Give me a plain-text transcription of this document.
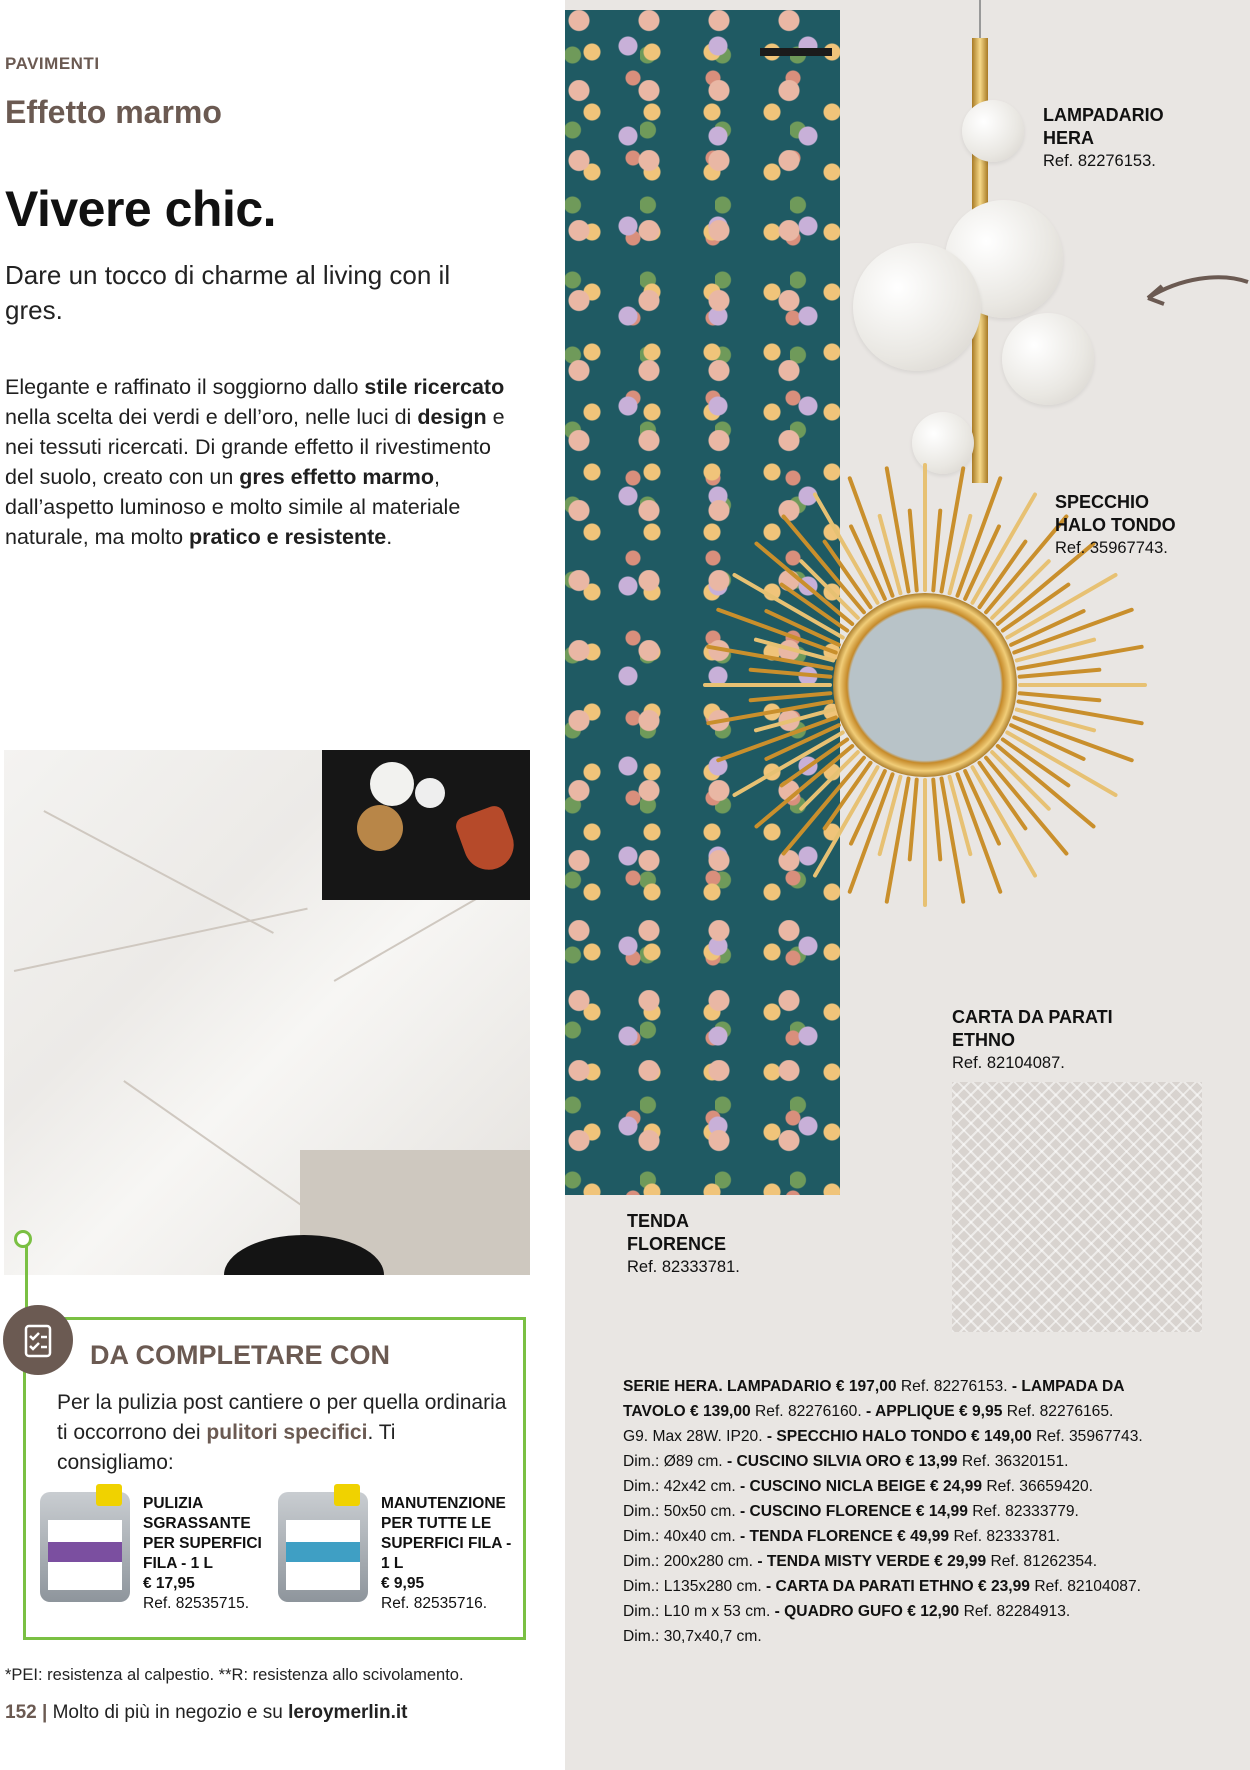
PAVIMENTI
Effetto marmo
Vivere chic.
Dare un tocco di charme al living con il gres.
Elegante e raffinato il soggiorno dallo stile ricercato nella scelta dei verdi e dell’oro, nelle luci di design e nei tessuti ricercati. Di grande effetto il rivestimento del suolo, creato con un gres effetto marmo, dall’aspetto luminoso e molto simile al materiale naturale, ma molto pratico e resistente.
DA COMPLETARE CON
Per la pulizia post cantiere o per quella ordinaria ti occorrono dei pulitori specifici. Ti consigliamo:
PULIZIA SGRASSANTE PER SUPERFICI FILA - 1 L
€ 17,95
Ref. 82535715.
MANUTENZIONE PER TUTTE LE SUPERFICI FILA - 1 L
€ 9,95
Ref. 82535716.
*PEI: resistenza al calpestio. **R: resistenza allo scivolamento.
152 | Molto di più in negozio e su leroymerlin.it
LAMPADARIO
HERA
Ref. 82276153.
SPECCHIO
HALO TONDO
Ref. 35967743.
CARTA DA PARATI
ETHNO
Ref. 82104087.
TENDA
FLORENCE
Ref. 82333781.
SERIE HERA. LAMPADARIO € 197,00 Ref. 82276153. - LAMPADA DA
TAVOLO € 139,00 Ref. 82276160. - APPLIQUE € 9,95 Ref. 82276165.
G9. Max 28W. IP20. - SPECCHIO HALO TONDO € 149,00 Ref. 35967743.
Dim.: Ø89 cm. - CUSCINO SILVIA ORO € 13,99 Ref. 36320151.
Dim.: 42x42 cm. - CUSCINO NICLA BEIGE € 24,99 Ref. 36659420.
Dim.: 50x50 cm. - CUSCINO FLORENCE € 14,99 Ref. 82333779.
Dim.: 40x40 cm. - TENDA FLORENCE € 49,99 Ref. 82333781.
Dim.: 200x280 cm. - TENDA MISTY VERDE € 29,99 Ref. 81262354.
Dim.: L135x280 cm. - CARTA DA PARATI ETHNO € 23,99 Ref. 82104087.
Dim.: L10 m x 53 cm. - QUADRO GUFO € 12,90 Ref. 82284913.
Dim.: 30,7x40,7 cm.
